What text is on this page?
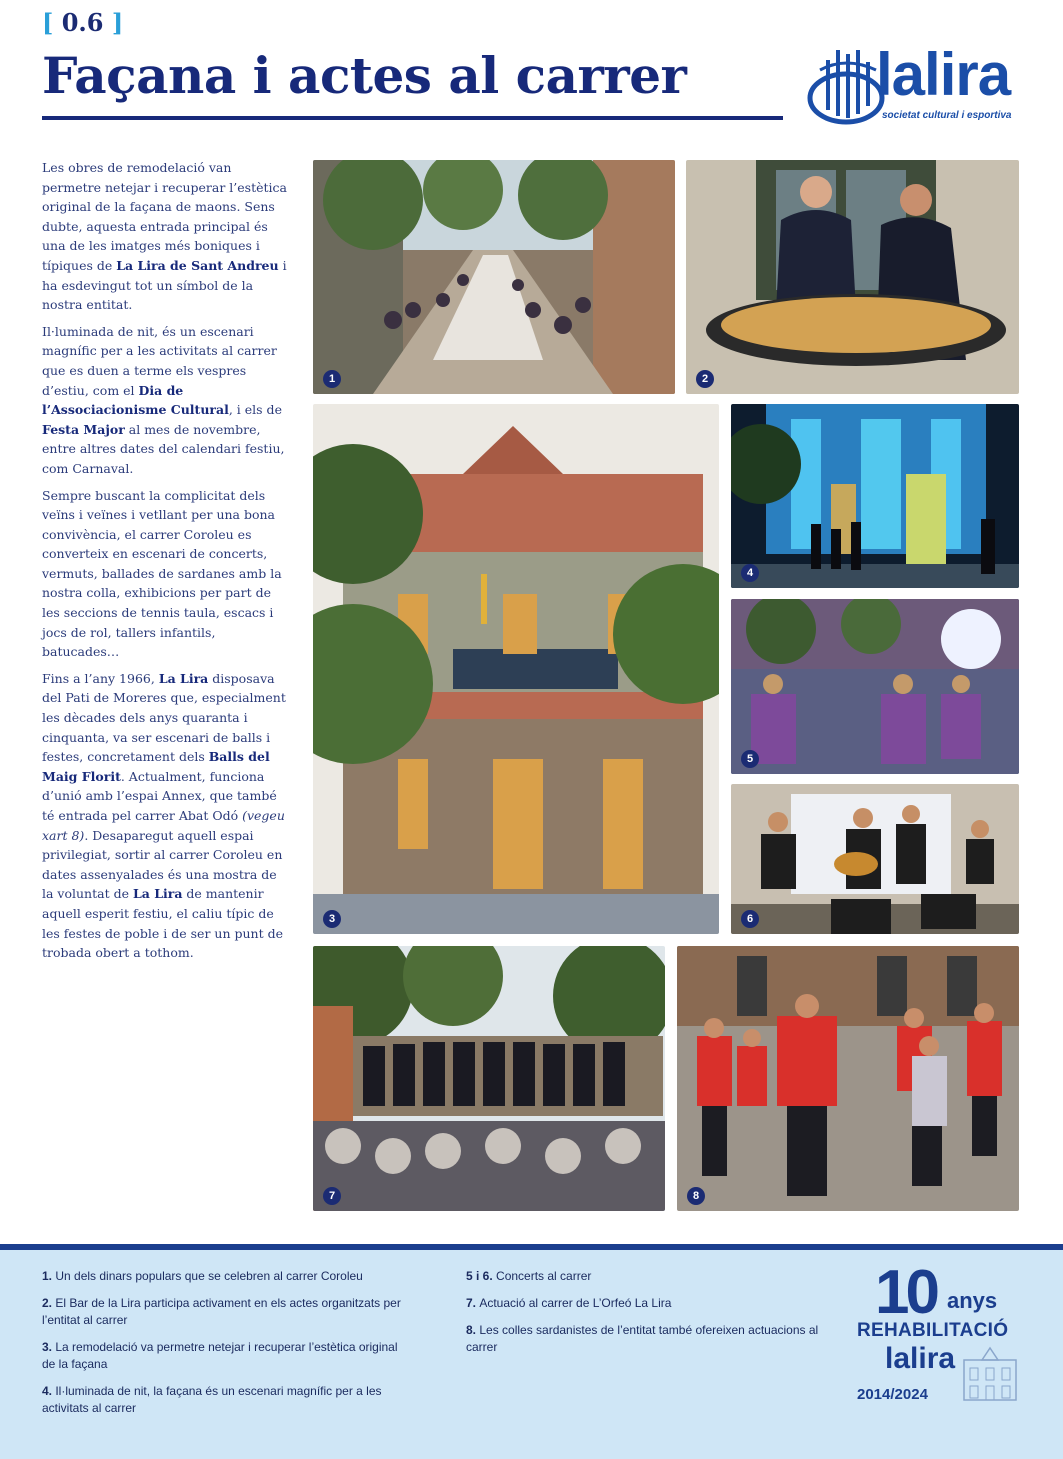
[ 0.6 ]
Façana i actes al carrer	lalira
societat cultural i esportiva

Les obres de remodelació van permetre netejar i recuperar l’estètica original de la façana de maons. Sens dubte, aquesta entrada principal és una de les imatges més boniques i típiques de La Lira de Sant Andreu i ha esdevingut tot un símbol de la nostra entitat.

Il·luminada de nit, és un escenari magnífic per a les activitats al carrer que es duen a terme els vespres d’estiu, com el Dia de l’Associacionisme Cultural, i els de Festa Major al mes de novembre, entre altres dates del calendari festiu, com Carnaval.

Sempre buscant la complicitat dels veïns i veïnes i vetllant per una bona convivència, el carrer Coroleu es converteix en escenari de concerts, vermuts, ballades de sardanes amb la nostra colla, exhibicions per part de les seccions de tennis taula, escacs i jocs de rol, tallers infantils, batucades…

Fins a l’any 1966, La Lira disposava del Pati de Moreres que, especialment les dècades dels anys quaranta i cinquanta, va ser escenari de balls i festes, concretament dels Balls del Maig Florit. Actualment, funciona d’unió amb l’espai Annex, que també té entrada pel carrer Abat Odó (vegeu xart 8). Desaparegut aquell espai privilegiat, sortir al carrer Coroleu en dates assenyalades és una mostra de la voluntat de La Lira de mantenir aquell esperit festiu, el caliu típic de les festes de poble i de ser un punt de trobada obert a tothom.

1	2
3
4
5
6
7	8
1. Un dels dinars populars que se celebren al carrer Coroleu
2. El Bar de la Lira participa activament en els actes organitzats per l’entitat al carrer
3. La remodelació va permetre netejar i recuperar l’estètica original de la façana
4. Il·luminada de nit, la façana és un escenari magnífic per a les activitats al carrer
5 i 6. Concerts al carrer
7. Actuació al carrer de L’Orfeó La Lira
8. Les colles sardanistes de l’entitat també ofereixen actuacions al carrer
10 anys
REHABILITACIÓ
lalira
2014/2024
